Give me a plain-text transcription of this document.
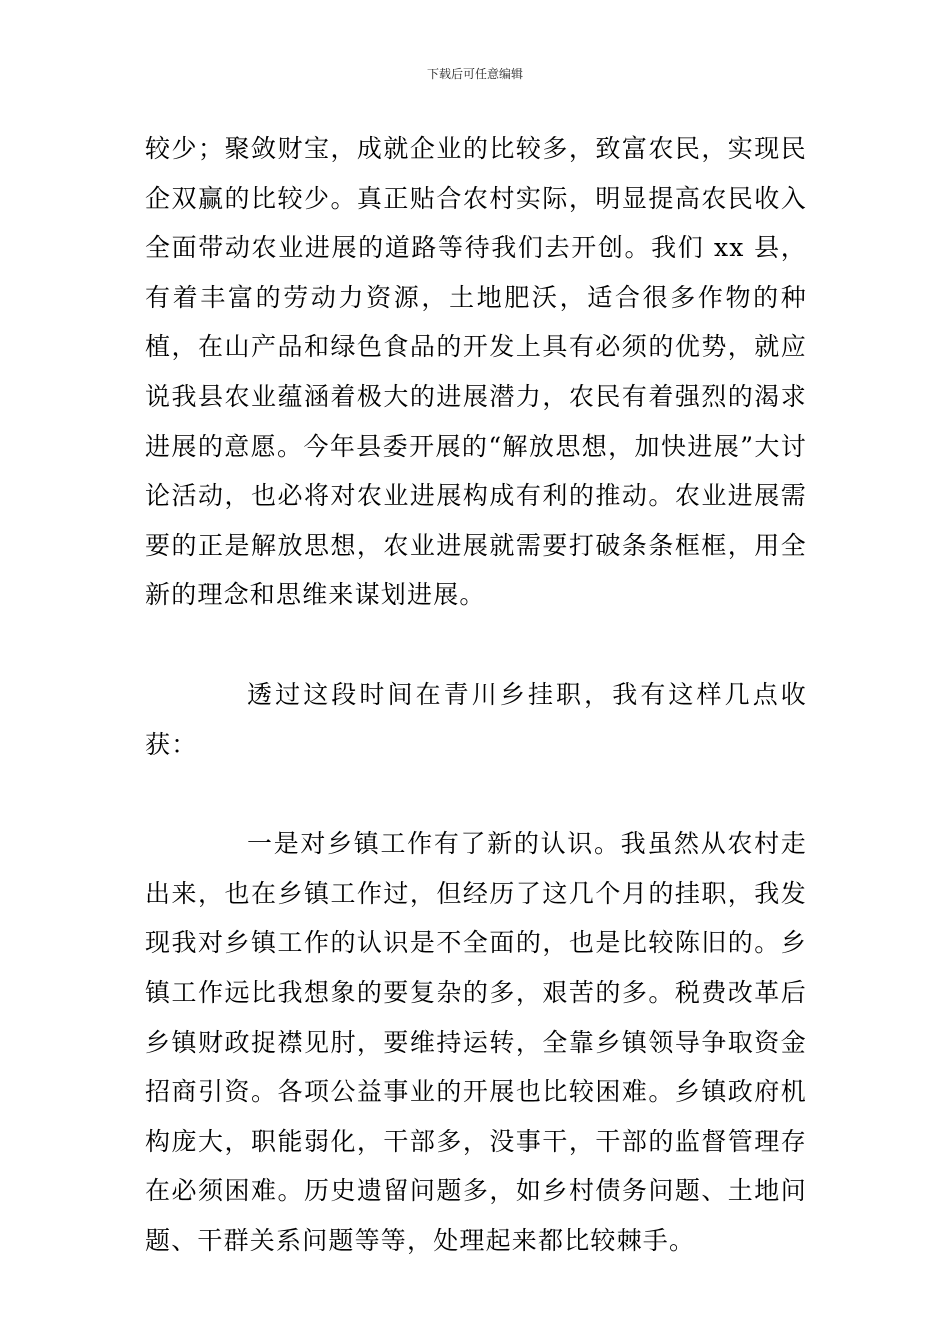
下载后可任意编辑

较少；聚敛财宝，成就企业的比较多，致富农民，实现民企双赢的比较少。真正贴合农村实际，明显提高农民收入全面带动农业进展的道路等待我们去开创。我们 xx 县，有着丰富的劳动力资源，土地肥沃，适合很多作物的种植，在山产品和绿色食品的开发上具有必须的优势，就应说我县农业蕴涵着极大的进展潜力，农民有着强烈的渴求进展的意愿。今年县委开展的“解放思想，加快进展”大讨论活动，也必将对农业进展构成有利的推动。农业进展需要的正是解放思想，农业进展就需要打破条条框框，用全新的理念和思维来谋划进展。

透过这段时间在青川乡挂职，我有这样几点收获：

一是对乡镇工作有了新的认识。我虽然从农村走出来，也在乡镇工作过，但经历了这几个月的挂职，我发现我对乡镇工作的认识是不全面的，也是比较陈旧的。乡镇工作远比我想象的要复杂的多，艰苦的多。税费改革后乡镇财政捉襟见肘，要维持运转，全靠乡镇领导争取资金招商引资。各项公益事业的开展也比较困难。乡镇政府机构庞大，职能弱化，干部多，没事干，干部的监督管理存在必须困难。历史遗留问题多，如乡村债务问题、土地问题、干群关系问题等等，处理起来都比较棘手。
